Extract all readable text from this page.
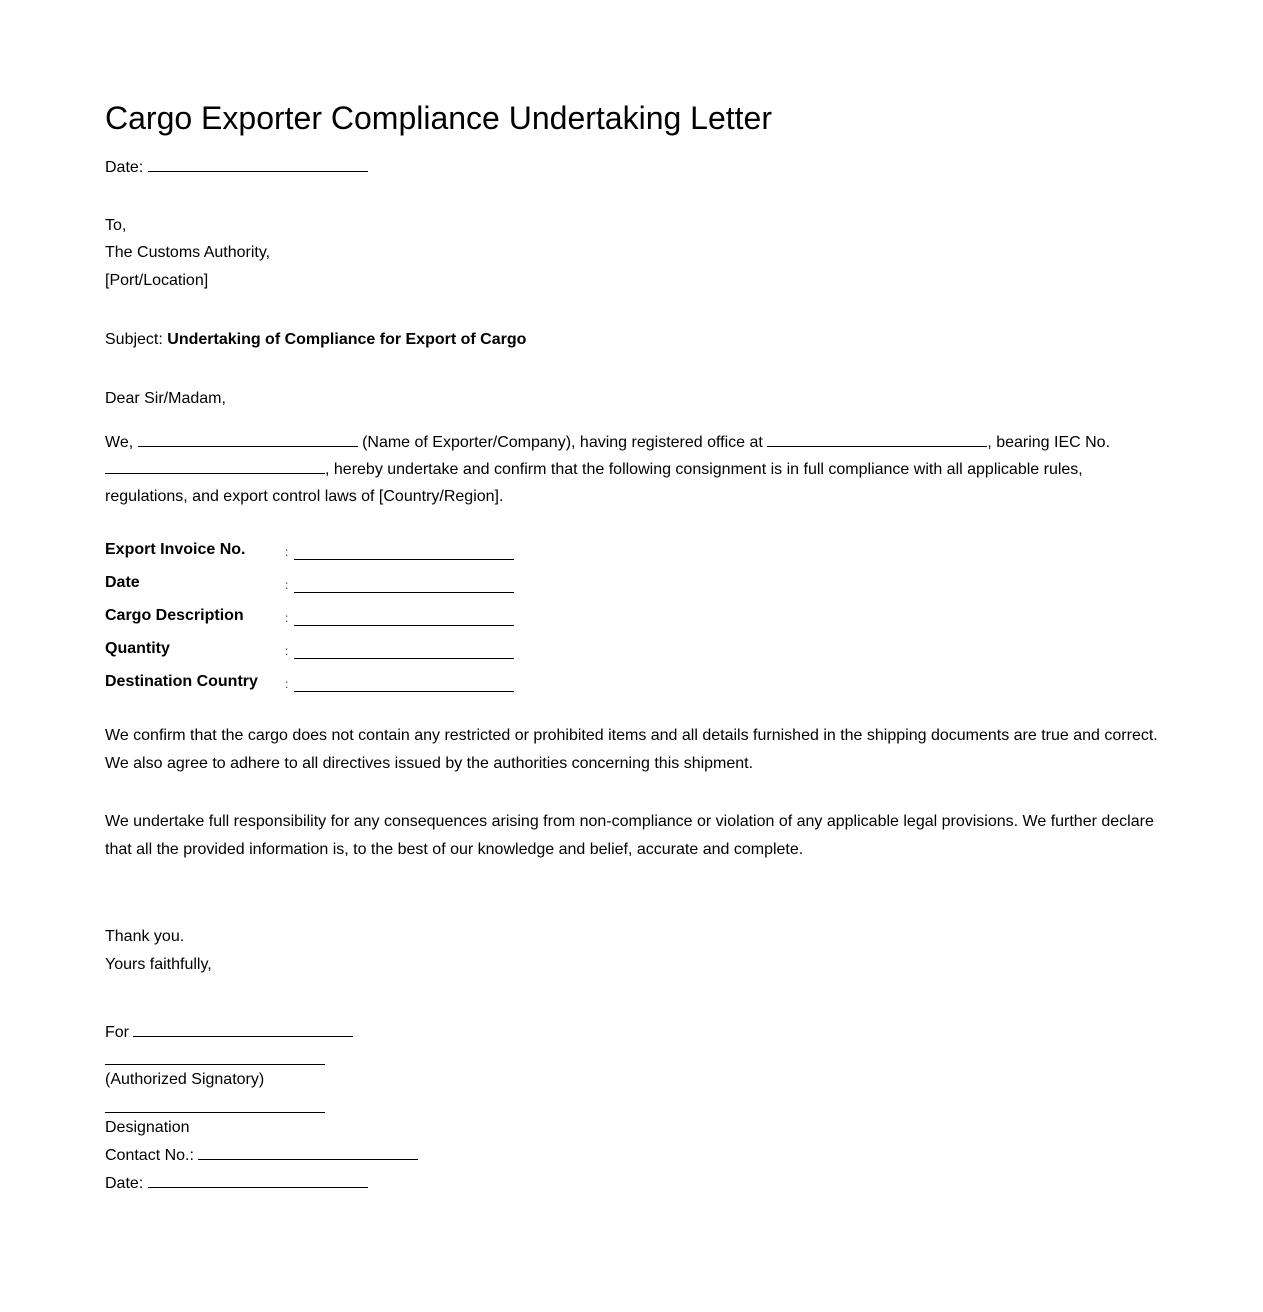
Cargo Exporter Compliance Undertaking Letter
Date:
To,
The Customs Authority,
[Port/Location]
Subject: Undertaking of Compliance for Export of Cargo
Dear Sir/Madam,
We,	(Name of Exporter/Company), having registered office at	, bearing IEC No.
, hereby undertake and confirm that the following consignment is in full compliance with all applicable rules,
regulations, and export control laws of [Country/Region].
Export Invoice No.	:
Date	:
Cargo Description	:
Quantity	:
Destination Country :
We confirm that the cargo does not contain any restricted or prohibited items and all details furnished in the shipping documents are true and correct. We also agree to adhere to all directives issued by the authorities concerning this shipment.
We undertake full responsibility for any consequences arising from non-compliance or violation of any applicable legal provisions. We further declare that all the provided information is, to the best of our knowledge and belief, accurate and complete.
Thank you.
Yours faithfully,
For
(Authorized Signatory)
Designation
Contact No.:
Date:
